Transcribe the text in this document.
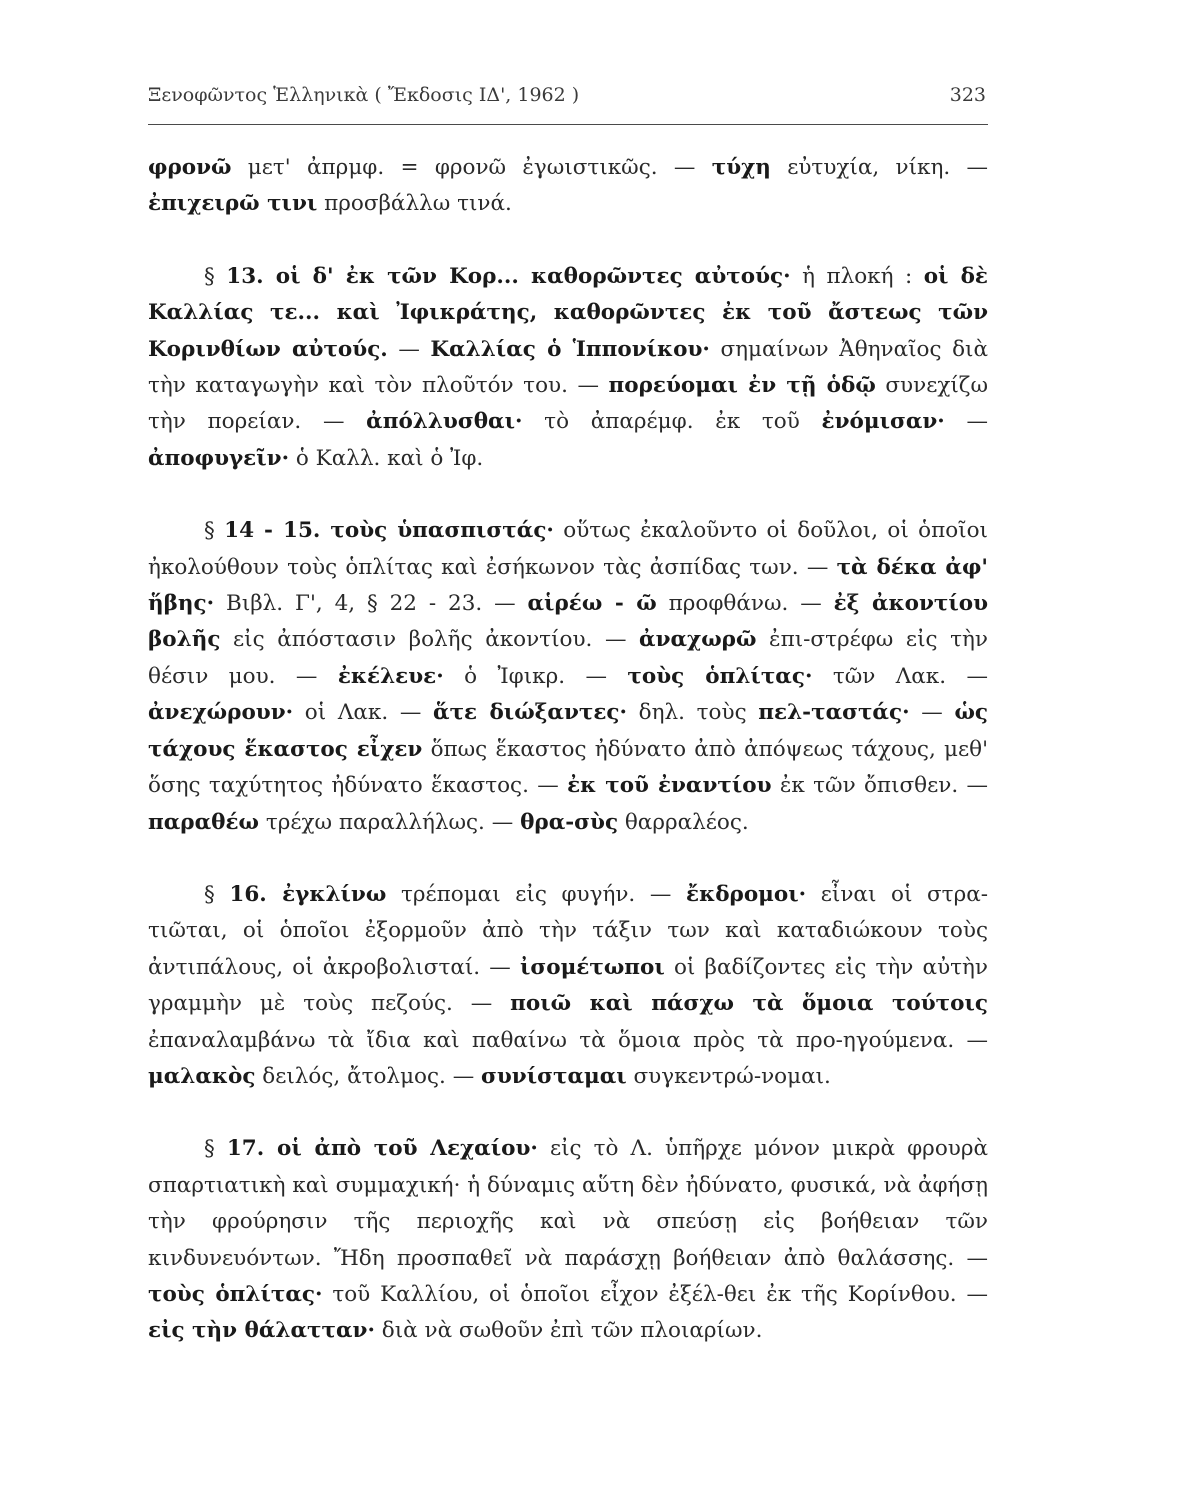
Ξενοφῶντος Ἑλληνικὰ ( Ἔκδοσις ΙΔ', 1962 )	323

φρονῶ μετ' ἀπρμφ. = φρονῶ ἐγωιστικῶς. — τύχη εὐτυχία, νίκη. — ἐπιχειρῶ τινι προσβάλλω τινά.

§ 13. οἱ δ' ἐκ τῶν Κορ... καθορῶντες αὐτούς· ἡ πλοκή : οἱ δὲ Καλλίας τε... καὶ Ἰφικράτης, καθορῶντες ἐκ τοῦ ἄστεως τῶν Κορινθίων αὐτούς. — Καλλίας ὁ Ἱππονίκου· σημαίνων Ἀθηναῖος διὰ τὴν καταγωγὴν καὶ τὸν πλοῦτόν του. — πορεύομαι ἐν τῇ ὁδῷ συνεχίζω τὴν πορείαν. — ἀπόλλυσθαι· τὸ ἀπαρέμφ. ἐκ τοῦ ἐνόμισαν· — ἀποφυγεῖν· ὁ Καλλ. καὶ ὁ Ἰφ.

§ 14 - 15. τοὺς ὑπασπιστάς· οὕτως ἐκαλοῦντο οἱ δοῦλοι, οἱ ὁποῖοι ἠκολούθουν τοὺς ὁπλίτας καὶ ἐσήκωνον τὰς ἀσπίδας των. — τὰ δέκα ἀφ' ἥβης· Βιβλ. Γ', 4, § 22 - 23. — αἱρέω - ῶ προφθάνω. — ἐξ ἀκοντίου βολῆς εἰς ἀπόστασιν βολῆς ἀκοντίου. — ἀναχωρῶ ἐπι-στρέφω εἰς τὴν θέσιν μου. — ἐκέλευε· ὁ Ἰφικρ. — τοὺς ὁπλίτας· τῶν Λακ. — ἀνεχώρουν· οἱ Λακ. — ἅτε διώξαντες· δηλ. τοὺς πελ-ταστάς· — ὡς τάχους ἕκαστος εἶχεν ὅπως ἕκαστος ἠδύνατο ἀπὸ ἀπόψεως τάχους, μεθ' ὅσης ταχύτητος ἠδύνατο ἕκαστος. — ἐκ τοῦ ἐναντίου ἐκ τῶν ὄπισθεν. — παραθέω τρέχω παραλλήλως. — θρα-σὺς θαρραλέος.

§ 16. ἐγκλίνω τρέπομαι εἰς φυγήν. — ἔκδρομοι· εἶναι οἱ στρα-τιῶται, οἱ ὁποῖοι ἐξορμοῦν ἀπὸ τὴν τάξιν των καὶ καταδιώκουν τοὺς ἀντιπάλους, οἱ ἀκροβολισταί. — ἰσομέτωποι οἱ βαδίζοντες εἰς τὴν αὐτὴν γραμμὴν μὲ τοὺς πεζούς. — ποιῶ καὶ πάσχω τὰ ὅμοια τούτοις ἐπαναλαμβάνω τὰ ἴδια καὶ παθαίνω τὰ ὅμοια πρὸς τὰ προ-ηγούμενα. — μαλακὸς δειλός, ἄτολμος. — συνίσταμαι συγκεντρώ-νομαι.

§ 17. οἱ ἀπὸ τοῦ Λεχαίου· εἰς τὸ Λ. ὑπῆρχε μόνον μικρὰ φρουρὰ σπαρτιατικὴ καὶ συμμαχική· ἡ δύναμις αὕτη δὲν ἠδύνατο, φυσικά, νὰ ἀφήσῃ τὴν φρούρησιν τῆς περιοχῆς καὶ νὰ σπεύσῃ εἰς βοήθειαν τῶν κινδυνευόντων. Ἤδη προσπαθεῖ νὰ παράσχῃ βοήθειαν ἀπὸ θαλάσσης. — τοὺς ὁπλίτας· τοῦ Καλλίου, οἱ ὁποῖοι εἶχον ἐξέλ-θει ἐκ τῆς Κορίνθου. — εἰς τὴν θάλατταν· διὰ νὰ σωθοῦν ἐπὶ τῶν πλοιαρίων.
